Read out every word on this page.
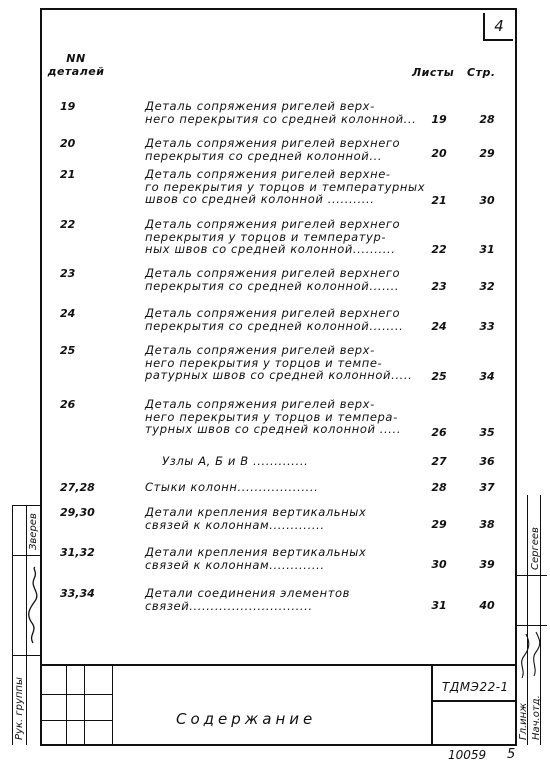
4
NN
деталей	Листы Стр.
19	Деталь сопряжения ригелей верх-
него перекрытия со средней колонной...	19	28
20	Деталь сопряжения ригелей верхнего
перекрытия со средней колонной...	20	29
21	Деталь сопряжения ригелей верхне-
го перекрытия у торцов и температурных
швов со средней колонной ...........	21	30
22	Деталь сопряжения ригелей верхнего
перекрытия у торцов и температур-
ных швов со средней колонной..........	22	31
23	Деталь сопряжения ригелей верхнего
перекрытия со средней колонной.......	23	32
24	Деталь сопряжения ригелей верхнего
перекрытия со средней колонной........	24	33
25	Деталь сопряжения ригелей верх-
него перекрытия у торцов и темпе-
ратурных швов со средней колонной.....	25	34
26	Деталь сопряжения ригелей верх-
него перекрытия у торцов и темпера-
турных швов со средней колонной .....	26	35
Узлы А, Б и В .............	27	36
27,28	Стыки колонн...................	28	37
29,30	Детали крепления вертикальных
связей к колоннам.............	29	38
31,32	Детали крепления вертикальных
связей к колоннам.............	30	39
33,34	Детали соединения элементов
связей.............................	31	40
Содержание
ТДМЭ22-1
Рук. группы
Зверев
Гл.инж Нач.отд.
Сергеев
10059 5
